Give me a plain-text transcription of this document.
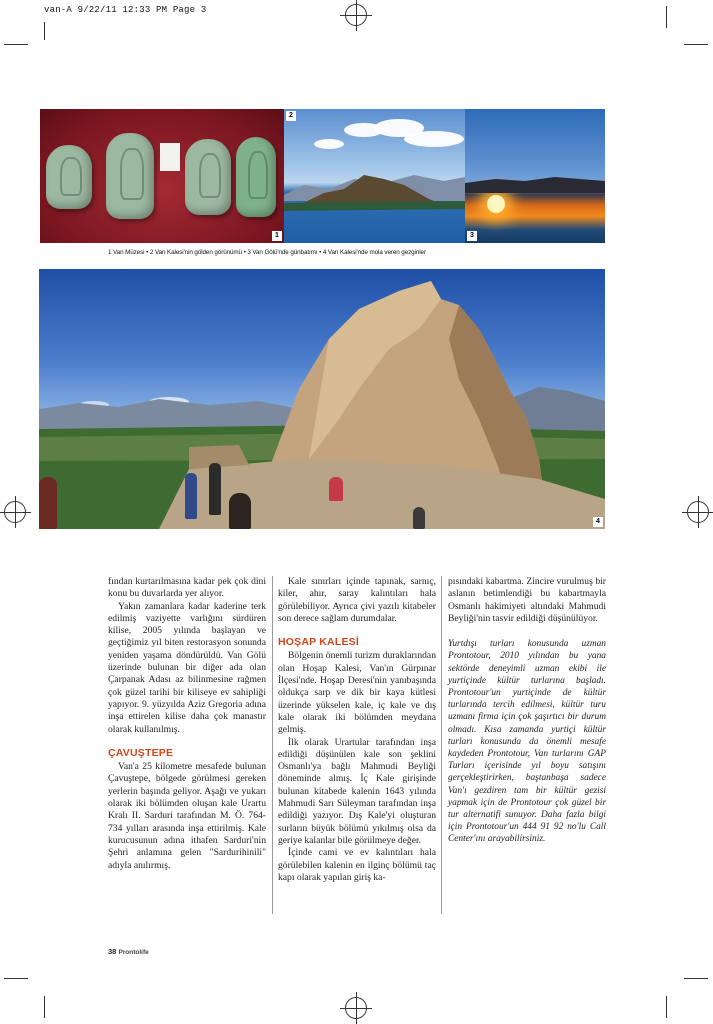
van-A 9/22/11 12:33 PM Page 3
1
2
3
1 Van Müzesi • 2 Van Kalesi'nin gölden görünümü • 3 Van Gölü'nde günbatımı • 4 Van Kalesi'nde mola veren gezginler
4

fından kurtarılmasına kadar pek çok dini konu bu duvarlarda yer alıyor.

Yakın zamanlara kadar kaderine terk edilmiş vaziyette varlığını sürdüren kilise, 2005 yılında başlayan ve geçtiğimiz yıl biten restorasyon sonunda yeniden yaşama döndürüldü. Van Gölü üzerinde bulunan bir diğer ada olan Çarpanak Adası az bilinmesine rağmen çok güzel tarihi bir kiliseye ev sahipliği yapıyor. 9. yüzyılda Aziz Gregoria adına inşa ettirelen kilise daha çok manastır olarak kullanılmış.

ÇAVUŞTEPE

Van'a 25 kilometre mesafede bulunan Çavuştepe, bölgede görülmesi gereken yerlerin başında geliyor. Aşağı ve yukarı olarak iki bölümden oluşan kale Urartu Kralı II. Sarduri tarafından M. Ö. 764-734 yılları arasında inşa ettirilmiş. Kale kurucusunun adına ithafen Sarduri'nin Şehri anlamına gelen "Sardurihinili" adıyla anılırmış.

Kale sınırları içinde tapınak, sarnıç, kiler, ahır, saray kalıntıları hala görülebiliyor. Ayrıca çivi yazılı kitabeler son derece sağlam durumdalar.

HOŞAP KALESİ

Bölgenin önemli turizm duraklarından olan Hoşap Kalesi, Van'ın Gürpınar İlçesi'nde. Hoşap Deresi'nin yanıbaşında oldukça sarp ve dik bir kaya kütlesi üzerinde yükselen kale, iç kale ve dış kale olarak iki bölümden meydana gelmiş.

İlk olarak Urartular tarafından inşa edildiği düşünülen kale son şeklini Osmanlı'ya bağlı Mahmudi Beyliği döneminde almış. İç Kale girişinde bulunan kitabede kalenin 1643 yılında Mahmudi Sarı Süleyman tarafından inşa edildiği yazıyor. Dış Kale'yi oluşturan surların büyük bölümü yıkılmış olsa da geriye kalanlar bile görülmeye değer.

İçinde cami ve ev kalıntıları hala görülebilen kalenin en ilginç bölümü taç kapı olarak yapılan giriş ka-

pısındaki kabartma. Zincire vurulmuş bir aslanın betimlendiği bu kabartmayla Osmanlı hakimiyeti altındaki Mahmudi Beyliği'nin tasvir edildiği düşünülüyor.

Yurtdışı turları konusunda uzman Prontotour, 2010 yılından bu yana sektörde deneyimli uzman ekibi ile yurtiçinde kültür turlarına başladı. Prontotour'un yurtiçinde de kültür turlarında tercih edilmesi, kültür turu uzmanı firma için çok şaşırtıcı bir durum olmadı. Kısa zamanda yurtiçi kültür turları konusunda da önemli mesafe kaydeden Prontotour, Van turlarını GAP Turları içerisinde yıl boyu satışını gerçekleştirirken, baştanbaşa sadece Van'ı gezdiren tam bir kültür gezisi yapmak için de Prontotour çok güzel bir tur alternatifi sunuyor. Daha fazla bilgi için Prontotour'un 444 91 92 no'lu Call Center'ını arayabilirsiniz.

38 Prontolife
